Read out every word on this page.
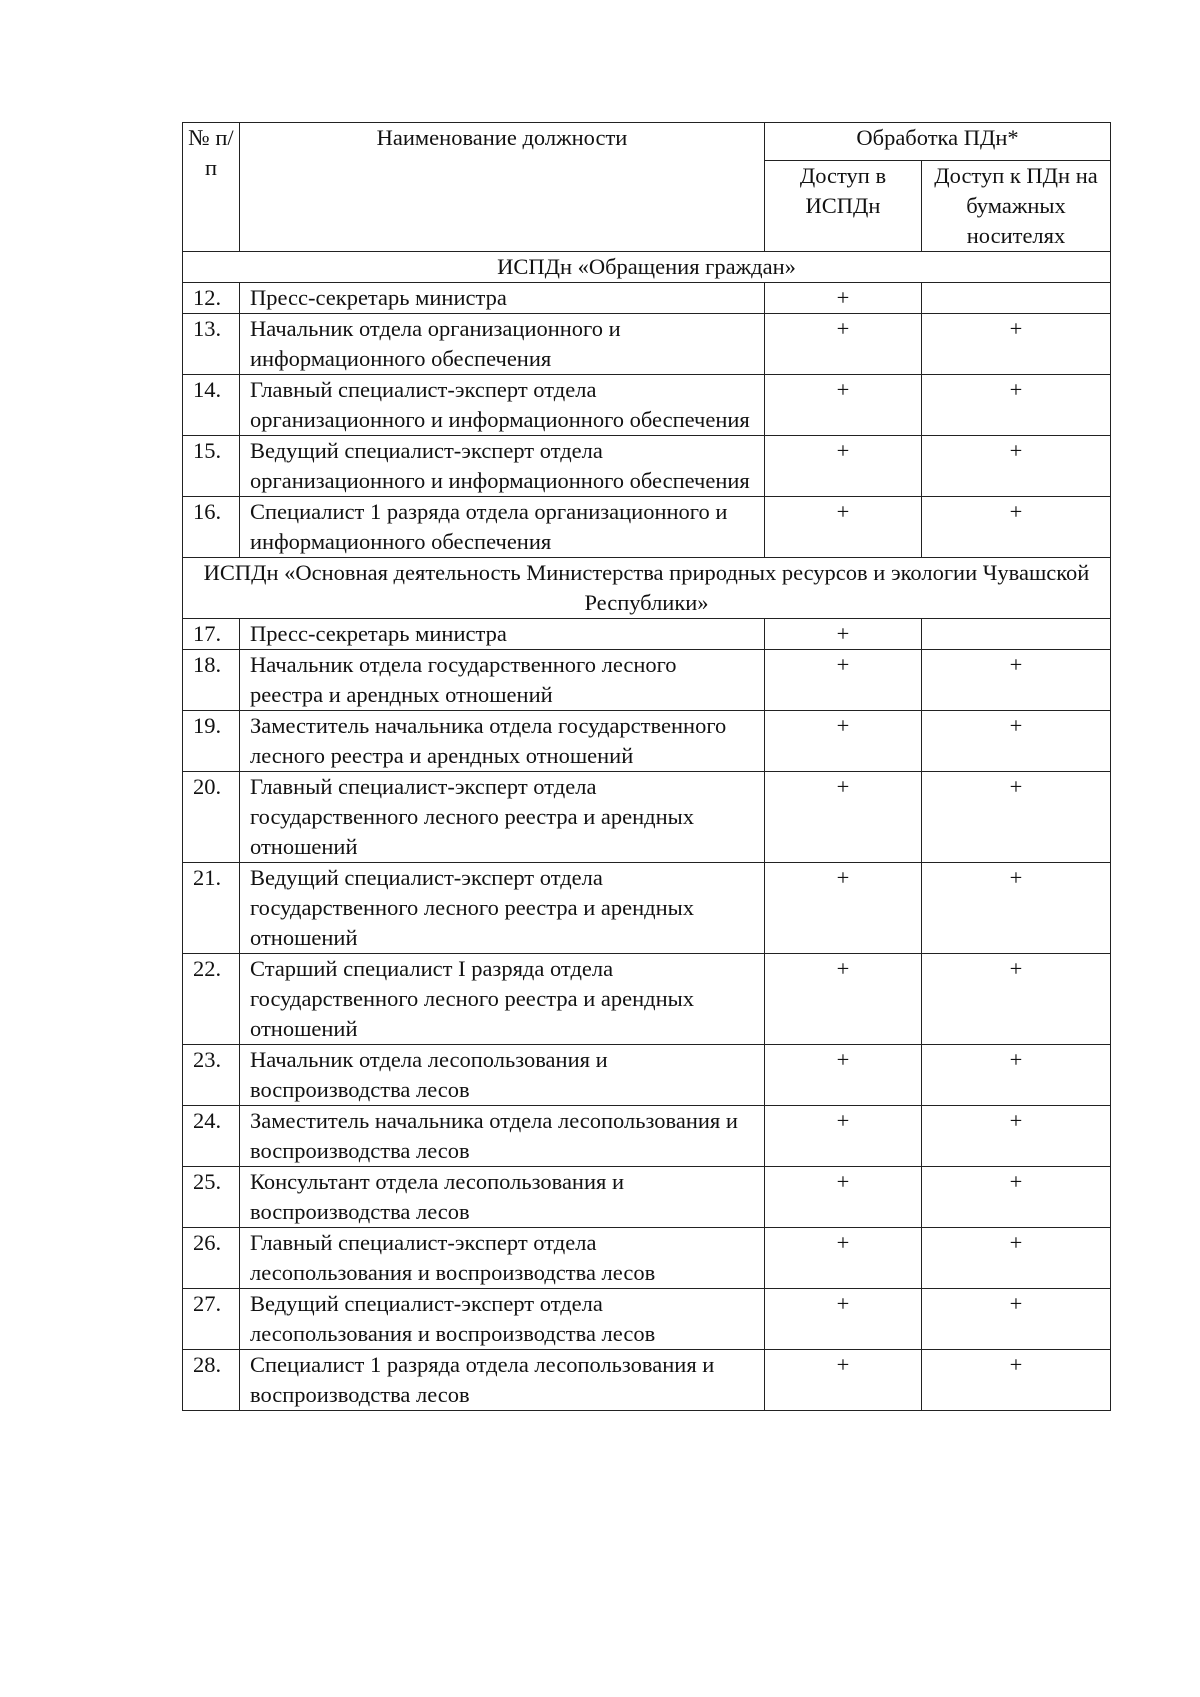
№ п/п	Наименование должности	Обработка ПДн*	
		Доступ в ИСПДн	Доступ к ПДн на бумажных носителях
ИСПДн «Обращения граждан»			
12.	Пресс-секретарь министра	+	
13.	Начальник отдела организационного и информационного обеспечения	+	+
14.	Главный специалист-эксперт отдела организационного и информационного обеспечения	+	+
15.	Ведущий специалист-эксперт отдела организационного и информационного обеспечения	+	+
16.	Специалист 1 разряда отдела организационного и информационного обеспечения	+	+
ИСПДн «Основная деятельность Министерства природных ресурсов и экологии Чувашской Республики»			
17.	Пресс-секретарь министра	+	
18.	Начальник отдела государственного лесного реестра и арендных отношений	+	+
19.	Заместитель начальника отдела государственного лесного реестра и арендных отношений	+	+
20.	Главный специалист-эксперт отдела государственного лесного реестра и арендных отношений	+	+
21.	Ведущий специалист-эксперт отдела государственного лесного реестра и арендных отношений	+	+
22.	Старший специалист I разряда отдела государственного лесного реестра и арендных отношений	+	+
23.	Начальник отдела лесопользования и воспроизводства лесов	+	+
24.	Заместитель начальника отдела лесопользования и воспроизводства лесов	+	+
25.	Консультант отдела лесопользования и воспроизводства лесов	+	+
26.	Главный специалист-эксперт отдела лесопользования и воспроизводства лесов	+	+
27.	Ведущий специалист-эксперт отдела лесопользования и воспроизводства лесов	+	+
28.	Специалист 1 разряда отдела лесопользования и воспроизводства лесов	+	+
